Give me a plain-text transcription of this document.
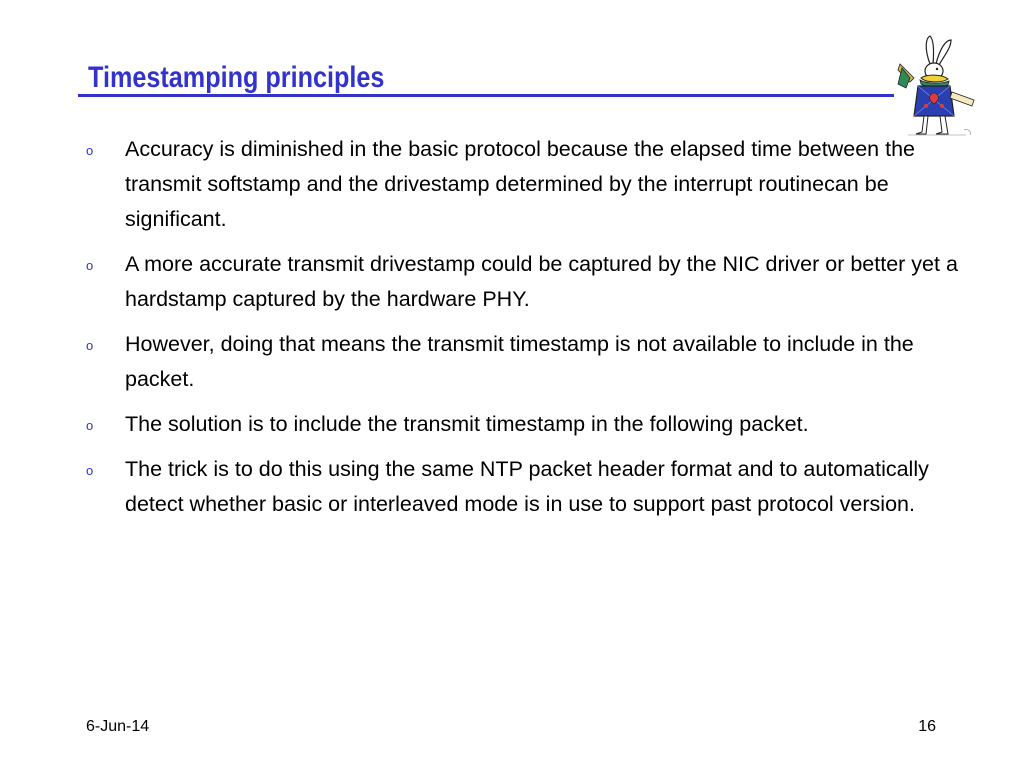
Timestamping principles
o Accuracy is diminished in the basic protocol because the elapsed time between the transmit softstamp and the drivestamp determined by the interrupt routinecan be significant.
o A more accurate transmit drivestamp could be captured by the NIC driver or better yet a hardstamp captured by the hardware PHY.
o However, doing that means the transmit timestamp is not available to include in the packet.
o The solution is to include the transmit timestamp in the following packet.
o The trick is to do this using the same NTP packet header format and to automatically detect whether basic or interleaved mode is in use to support past protocol version.
6-Jun-14	16
